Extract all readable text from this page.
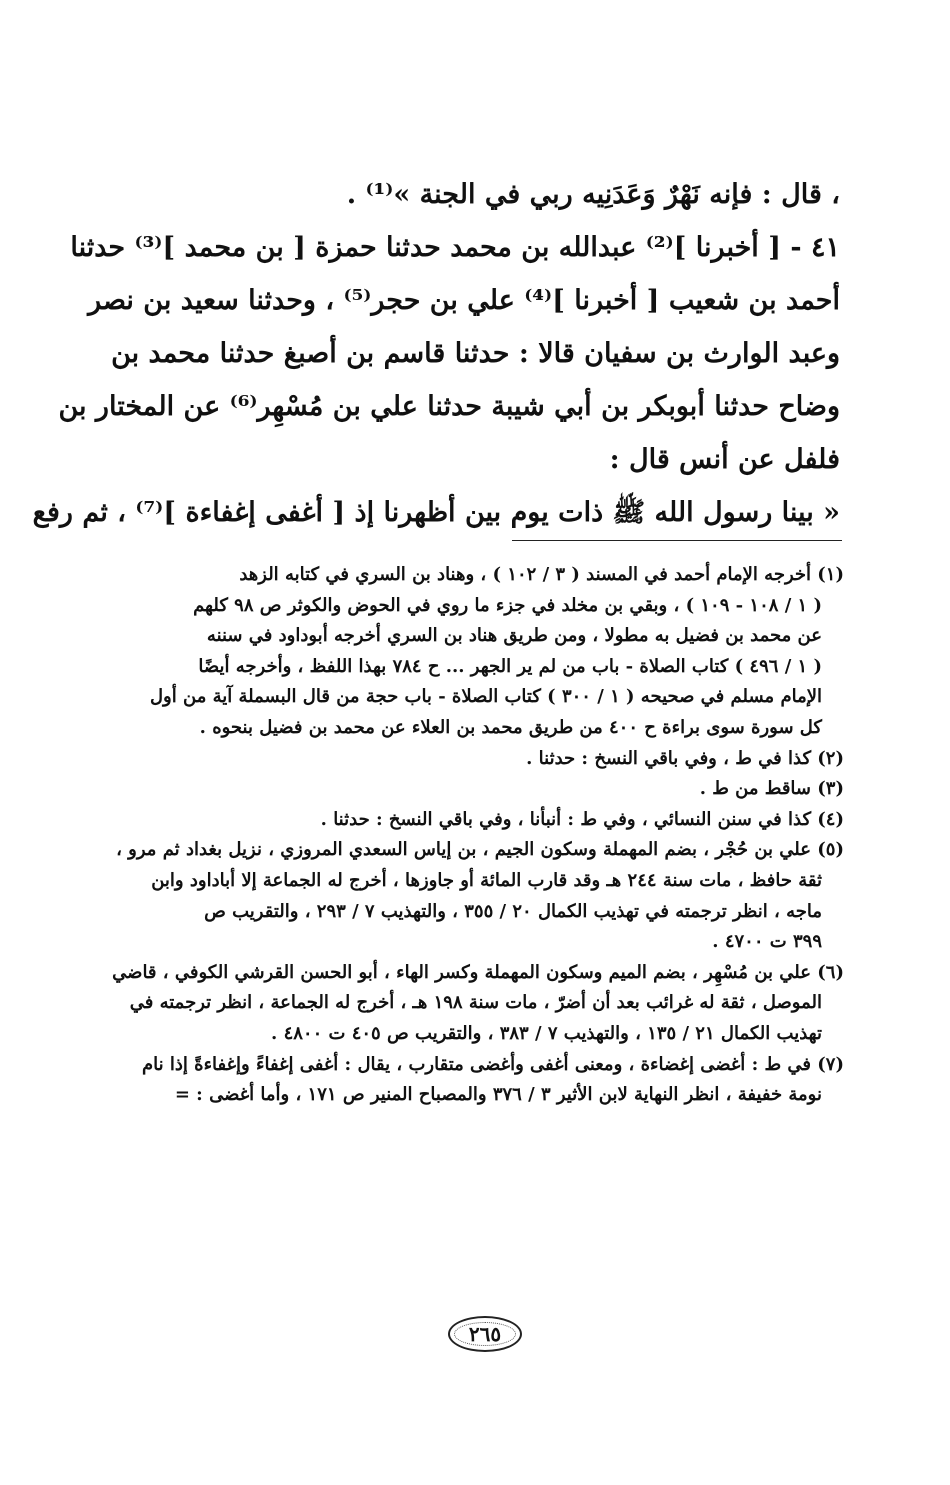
، قال : فإنه نَهْرٌ وَعَدَنِيه ربي في الجنة »⁽¹⁾ .
٤١ - [ أخبرنا ]⁽²⁾ عبدالله بن محمد حدثنا حمزة [ بن محمد ]⁽³⁾ حدثنا
أحمد بن شعيب [ أخبرنا ]⁽⁴⁾ علي بن حجر⁽⁵⁾ ، وحدثنا سعيد بن نصر
وعبد الوارث بن سفيان قالا : حدثنا قاسم بن أصبغ حدثنا محمد بن
وضاح حدثنا أبوبكر بن أبي شيبة حدثنا علي بن مُسْهِر⁽⁶⁾ عن المختار بن
فلفل عن أنس قال :
« بينا رسول الله ﷺ ذات يوم بين أظهرنا إذ [ أغفى إغفاءة ]⁽⁷⁾ ، ثم رفع
(١) أخرجه الإمام أحمد في المسند ( ٣ / ١٠٢ ) ، وهناد بن السري في كتابه الزهد
( ١ / ١٠٨ - ١٠٩ ) ، وبقي بن مخلد في جزء ما روي في الحوض والكوثر ص ٩٨ كلهم
عن محمد بن فضيل به مطولا ، ومن طريق هناد بن السري أخرجه أبوداود في سننه
( ١ / ٤٩٦ ) كتاب الصلاة - باب من لم ير الجهر ... ح ٧٨٤ بهذا اللفظ ، وأخرجه أيضًا
الإمام مسلم في صحيحه ( ١ / ٣٠٠ ) كتاب الصلاة - باب حجة من قال البسملة آية من أول
كل سورة سوى براءة ح ٤٠٠ من طريق محمد بن العلاء عن محمد بن فضيل بنحوه .
(٢) كذا في ط ، وفي باقي النسخ : حدثنا .
(٣) ساقط من ط .
(٤) كذا في سنن النسائي ، وفي ط : أنبأنا ، وفي باقي النسخ : حدثنا .
(٥) علي بن حُجْر ، بضم المهملة وسكون الجيم ، بن إياس السعدي المروزي ، نزيل بغداد ثم مرو ،
ثقة حافظ ، مات سنة ٢٤٤ هـ وقد قارب المائة أو جاوزها ، أخرج له الجماعة إلا أباداود وابن
ماجه ، انظر ترجمته في تهذيب الكمال ٢٠ / ٣٥٥ ، والتهذيب ٧ / ٢٩٣ ، والتقريب ص
٣٩٩ ت ٤٧٠٠ .
(٦) علي بن مُسْهِر ، بضم الميم وسكون المهملة وكسر الهاء ، أبو الحسن القرشي الكوفي ، قاضي
الموصل ، ثقة له غرائب بعد أن أضرّ ، مات سنة ١٩٨ هـ ، أخرج له الجماعة ، انظر ترجمته في
تهذيب الكمال ٢١ / ١٣٥ ، والتهذيب ٧ / ٣٨٣ ، والتقريب ص ٤٠٥ ت ٤٨٠٠ .
(٧) في ط : أغضى إغضاءة ، ومعنى أغفى وأغضى متقارب ، يقال : أغفى إغفاءً وإغفاءةً إذا نام
نومة خفيفة ، انظر النهاية لابن الأثير ٣ / ٣٧٦ والمصباح المنير ص ١٧١ ، وأما أغضى : =
٢٦٥
